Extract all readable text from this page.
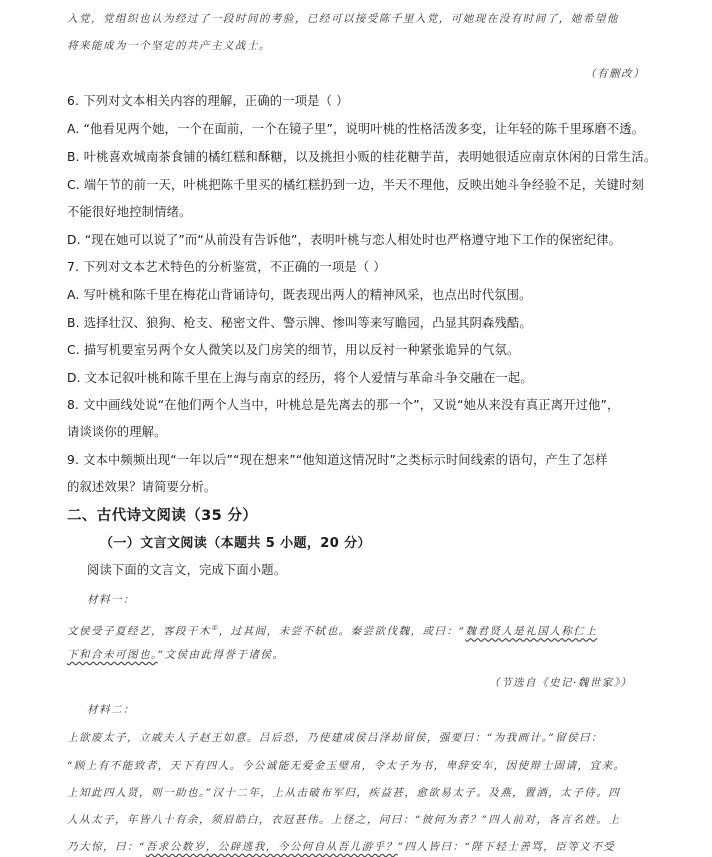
入党，党组织也认为经过了一段时间的考验，已经可以接受陈千里入党，可她现在没有时间了，她希望他
将来能成为一个坚定的共产主义战士。
（有删改）
6. 下列对文本相关内容的理解，正确的一项是（ ）
A. “他看见两个她，一个在面前，一个在镜子里”，说明叶桃的性格活泼多变，让年轻的陈千里琢磨不透。
B. 叶桃喜欢城南茶食铺的橘红糕和酥糖，以及挑担小贩的桂花糖芋苗，表明她很适应南京休闲的日常生活。
C. 端午节的前一天，叶桃把陈千里买的橘红糕扔到一边，半天不理他，反映出她斗争经验不足，关键时刻
不能很好地控制情绪。
D. “现在她可以说了”而“从前没有告诉他”，表明叶桃与恋人相处时也严格遵守地下工作的保密纪律。
7. 下列对文本艺术特色的分析鉴赏，不正确的一项是（ ）
A. 写叶桃和陈千里在梅花山背诵诗句，既表现出两人的精神风采，也点出时代氛围。
B. 选择壮汉、狼狗、枪支、秘密文件、警示牌、惨叫等来写瞻园，凸显其阴森残酷。
C. 描写机要室另两个女人微笑以及门房笑的细节，用以反衬一种紧张诡异的气氛。
D. 文本记叙叶桃和陈千里在上海与南京的经历，将个人爱情与革命斗争交融在一起。
8. 文中画线处说“在他们两个人当中，叶桃总是先离去的那一个”，又说“她从来没有真正离开过他”，
请谈谈你的理解。
9. 文本中频频出现“一年以后”“现在想来”“他知道这情况时”之类标示时间线索的语句，产生了怎样
的叙述效果？请简要分析。
二、古代诗文阅读（35 分）
（一）文言文阅读（本题共 5 小题，20 分）
阅读下面的文言文，完成下面小题。
材料一：
文侯受子夏经艺，客段干木①，过其闾，未尝不轼也。秦尝欲伐魏，或曰：“魏君贤人是礼国人称仁上
下和合未可图也。”文侯由此得誉于诸侯。
（节选自《史记·魏世家》）
材料二：
上欲废太子，立戚夫人子赵王如意。吕后恐，乃使建成侯吕泽劫留侯，强要曰：“为我画计。”留侯曰：
“顾上有不能致者，天下有四人。今公诚能无爱金玉璧帛，令太子为书，卑辞安车，因使辩士固请，宜来。
上知此四人贤，则一助也。”汉十二年，上从击破布军归，疾益甚，愈欲易太子。及燕，置酒，太子侍。四
人从太子，年皆八十有余，须眉皓白，衣冠甚伟。上怪之，问曰：“彼何为者？”四人前对，各言名姓。上
乃大惊，曰：“吾求公数岁，公辟逃我，今公何自从吾儿游乎？”四人皆曰：“陛下轻士善骂，臣等义不受
